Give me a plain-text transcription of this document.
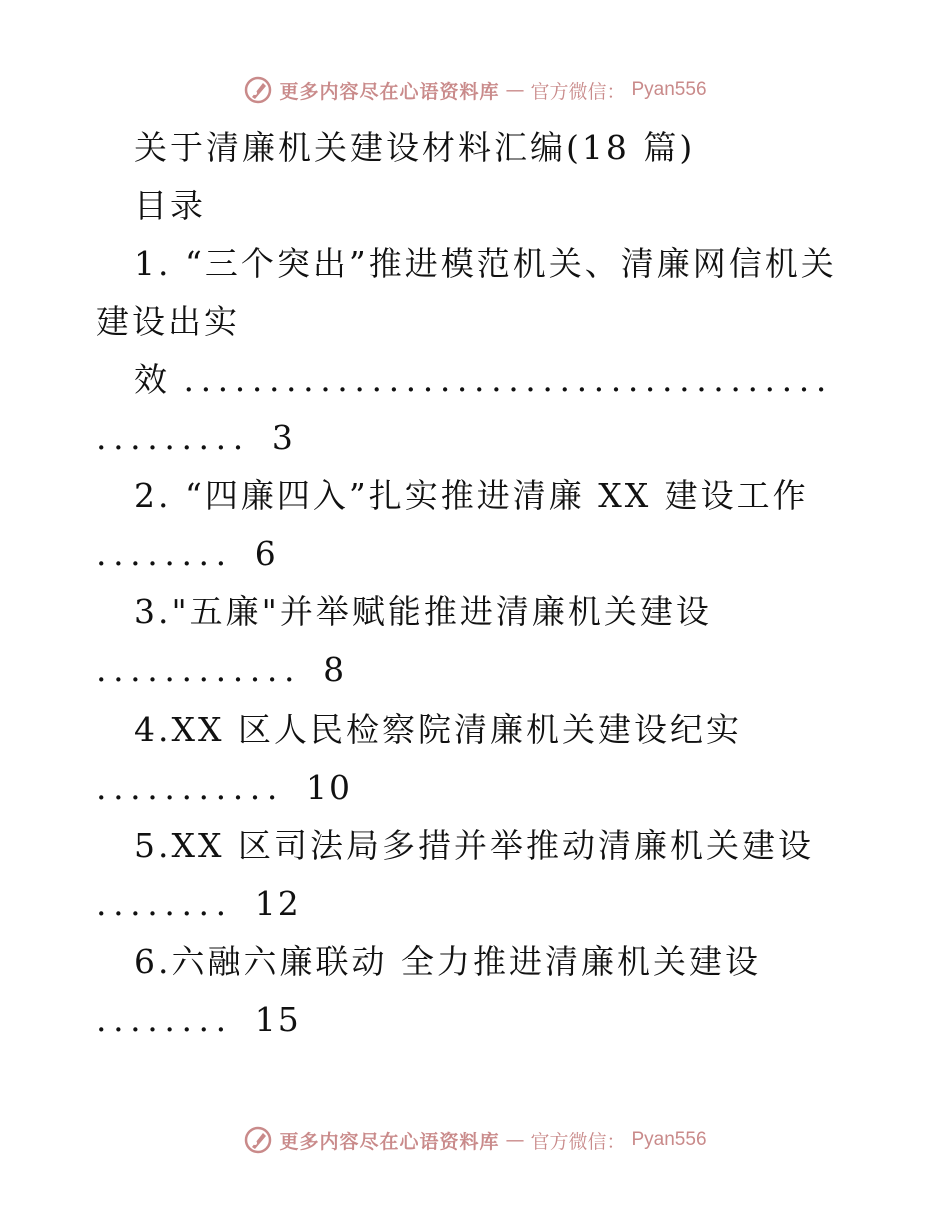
更多内容尽在心语资料库 — 官方微信： Pyan556
关于清廉机关建设材料汇编(18 篇)
目录
1. “三个突出”推进模范机关、清廉网信机关
建设出实
效 ......................................
......... 3
2. “四廉四入”扎实推进清廉 XX 建设工作
........ 6
3."五廉"并举赋能推进清廉机关建设
............ 8
4.XX 区人民检察院清廉机关建设纪实
........... 10
5.XX 区司法局多措并举推动清廉机关建设
........ 12
6.六融六廉联动 全力推进清廉机关建设
........ 15
更多内容尽在心语资料库 — 官方微信： Pyan556
